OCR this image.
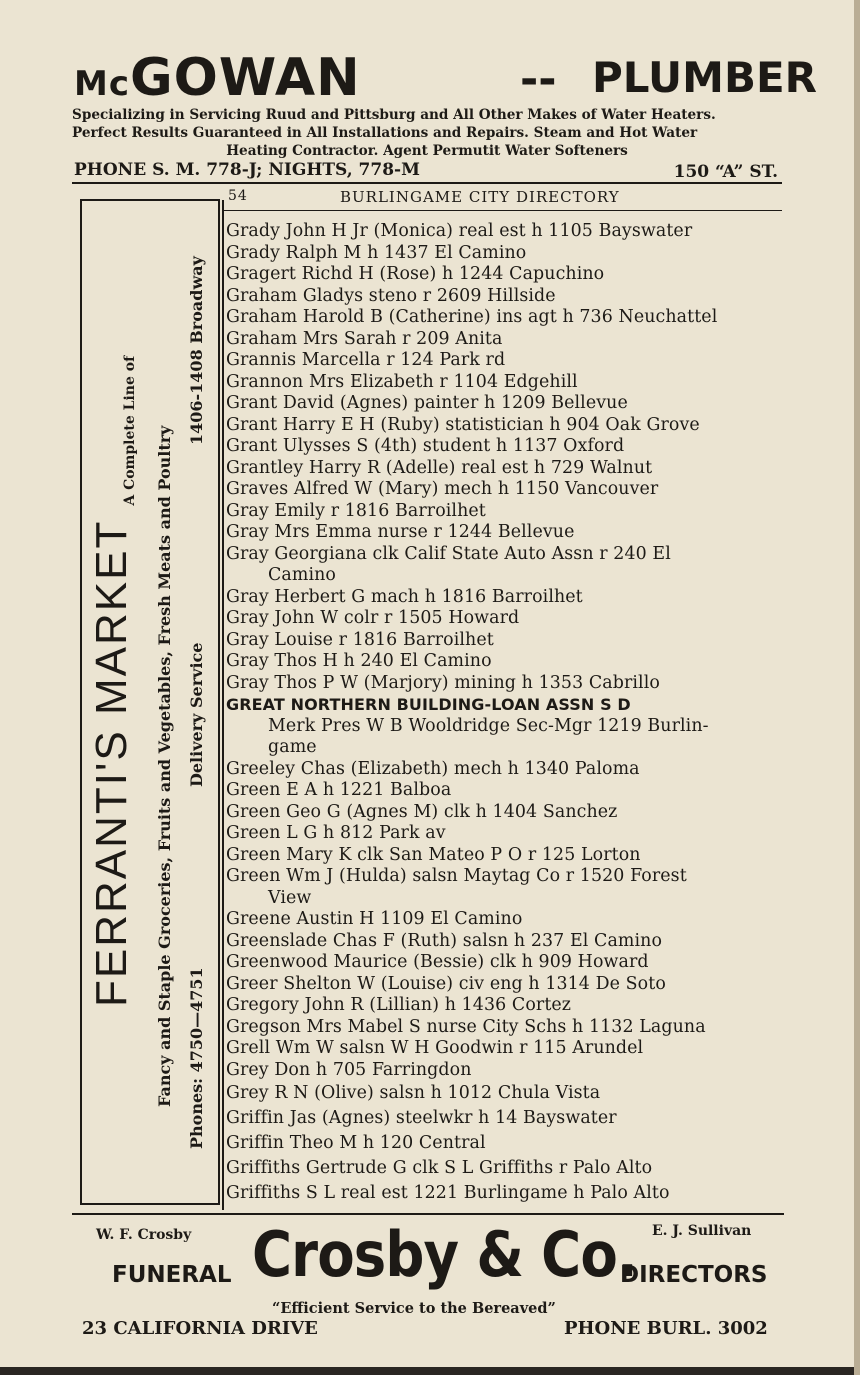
McGOWAN	-- PLUMBER
Specializing in Servicing Ruud and Pittsburg and All Other Makes of Water Heaters.
Perfect Results Guaranteed in All Installations and Repairs. Steam and Hot Water
Heating Contractor. Agent Permutit Water Softeners
PHONE S. M. 778-J; NIGHTS, 778-M	150 “A” ST.
54	BURLINGAME CITY DIRECTORY
FERRANTI'S MARKET
A Complete Line of Fancy and Staple Groceries, Fruits and Vegetables, Fresh Meats and Poultry Phones: 4750—4751
Delivery Service
1406-1408 Broadway
Grady John H Jr (Monica) real est h 1105 Bayswater
Grady Ralph M h 1437 El Camino
Gragert Richd H (Rose) h 1244 Capuchino
Graham Gladys steno r 2609 Hillside
Graham Harold B (Catherine) ins agt h 736 Neuchattel
Graham Mrs Sarah r 209 Anita
Grannis Marcella r 124 Park rd
Grannon Mrs Elizabeth r 1104 Edgehill
Grant David (Agnes) painter h 1209 Bellevue
Grant Harry E H (Ruby) statistician h 904 Oak Grove
Grant Ulysses S (4th) student h 1137 Oxford
Grantley Harry R (Adelle) real est h 729 Walnut
Graves Alfred W (Mary) mech h 1150 Vancouver
Gray Emily r 1816 Barroilhet
Gray Mrs Emma nurse r 1244 Bellevue
Gray Georgiana clk Calif State Auto Assn r 240 El
Camino
Gray Herbert G mach h 1816 Barroilhet
Gray John W colr r 1505 Howard
Gray Louise r 1816 Barroilhet
Gray Thos H h 240 El Camino
Gray Thos P W (Marjory) mining h 1353 Cabrillo
GREAT NORTHERN BUILDING-LOAN ASSN S D
Merk Pres W B Wooldridge Sec-Mgr 1219 Burlin-
game
Greeley Chas (Elizabeth) mech h 1340 Paloma
Green E A h 1221 Balboa
Green Geo G (Agnes M) clk h 1404 Sanchez
Green L G h 812 Park av
Green Mary K clk San Mateo P O r 125 Lorton
Green Wm J (Hulda) salsn Maytag Co r 1520 Forest
View
Greene Austin H 1109 El Camino
Greenslade Chas F (Ruth) salsn h 237 El Camino
Greenwood Maurice (Bessie) clk h 909 Howard
Greer Shelton W (Louise) civ eng h 1314 De Soto
Gregory John R (Lillian) h 1436 Cortez
Gregson Mrs Mabel S nurse City Schs h 1132 Laguna
Grell Wm W salsn W H Goodwin r 115 Arundel
Grey Don h 705 Farringdon
Grey R N (Olive) salsn h 1012 Chula Vista
Griffin Jas (Agnes) steelwkr h 14 Bayswater
Griffin Theo M h 120 Central
Griffiths Gertrude G clk S L Griffiths r Palo Alto
Griffiths S L real est 1221 Burlingame h Palo Alto
W. F. Crosby	E. J. Sullivan
FUNERAL Crosby & Co.
DIRECTORS
“Efficient Service to the Bereaved”
23 CALIFORNIA DRIVE	PHONE BURL. 3002
